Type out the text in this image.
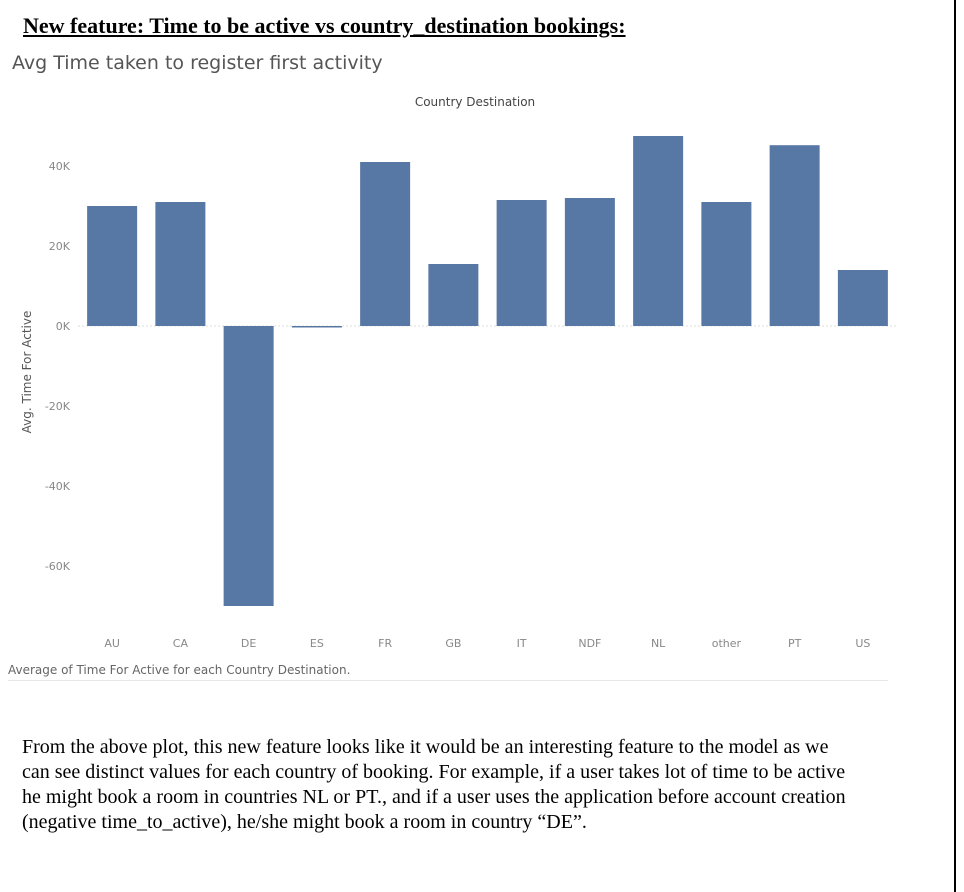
New feature: Time to be active vs country_destination bookings:
Avg Time taken to register first activity
Country Destination
Avg. Time For Active
40K
20K
0K
-20K
-40K
-60K
AU	CA	DE	ES	FR	GB	IT	NDF	NL	other	PT	US
Average of Time For Active for each Country Destination.

From the above plot, this new feature looks like it would be an interesting feature to the model as we can see distinct values for each country of booking. For example, if a user takes lot of time to be active he might book a room in countries NL or PT., and if a user uses the application before account creation (negative time_to_active), he/she might book a room in country “DE”.
